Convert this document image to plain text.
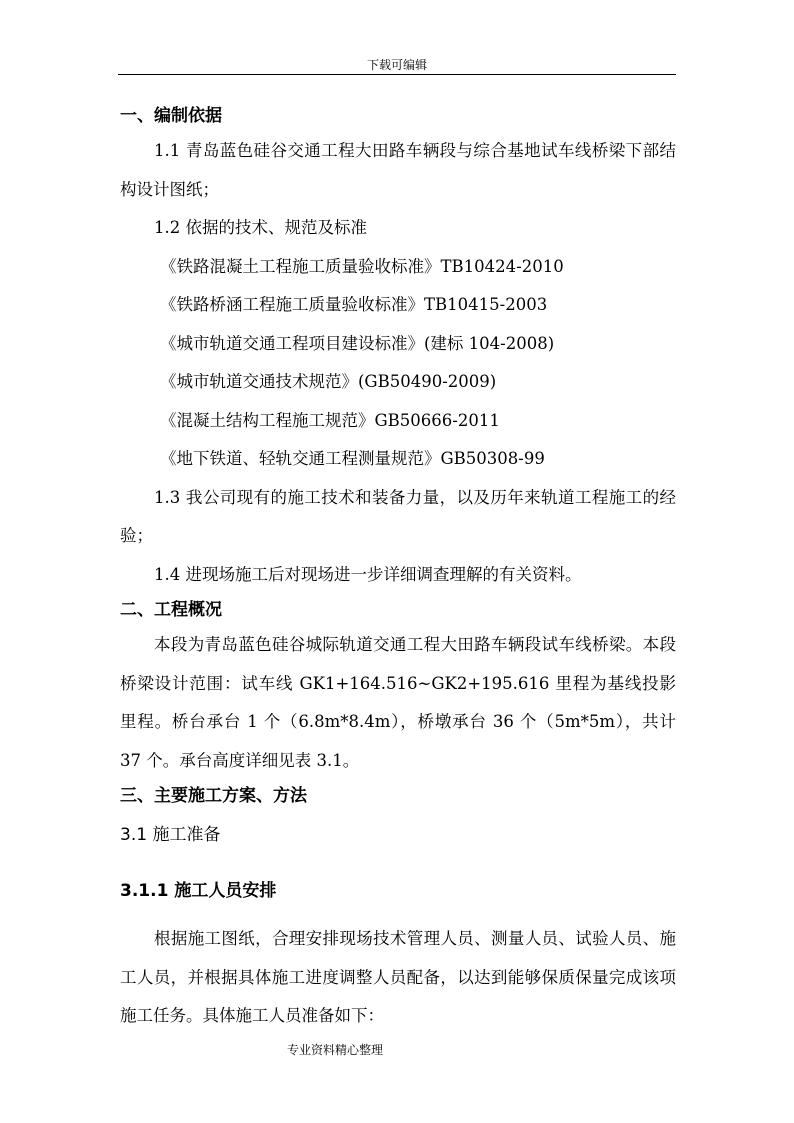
下载可编辑
一、编制依据

1.1 青岛蓝色硅谷交通工程大田路车辆段与综合基地试车线桥梁下部结构设计图纸；

1.2 依据的技术、规范及标准

《铁路混凝土工程施工质量验收标准》TB10424-2010

《铁路桥涵工程施工质量验收标准》TB10415-2003

《城市轨道交通工程项目建设标准》(建标 104-2008)

《城市轨道交通技术规范》(GB50490-2009)

《混凝土结构工程施工规范》GB50666-2011

《地下铁道、轻轨交通工程测量规范》GB50308-99

1.3 我公司现有的施工技术和装备力量，以及历年来轨道工程施工的经验；

1.4 进现场施工后对现场进一步详细调查理解的有关资料。

二、工程概况

本段为青岛蓝色硅谷城际轨道交通工程大田路车辆段试车线桥梁。本段桥梁设计范围：试车线 GK1+164.516~GK2+195.616 里程为基线投影里程。桥台承台 1 个（6.8m*8.4m），桥墩承台 36 个（5m*5m），共计 37 个。承台高度详细见表 3.1。

三、主要施工方案、方法
3.1 施工准备
3.1.1 施工人员安排

根据施工图纸，合理安排现场技术管理人员、测量人员、试验人员、施工人员，并根据具体施工进度调整人员配备，以达到能够保质保量完成该项施工任务。具体施工人员准备如下：

专业资料精心整理
